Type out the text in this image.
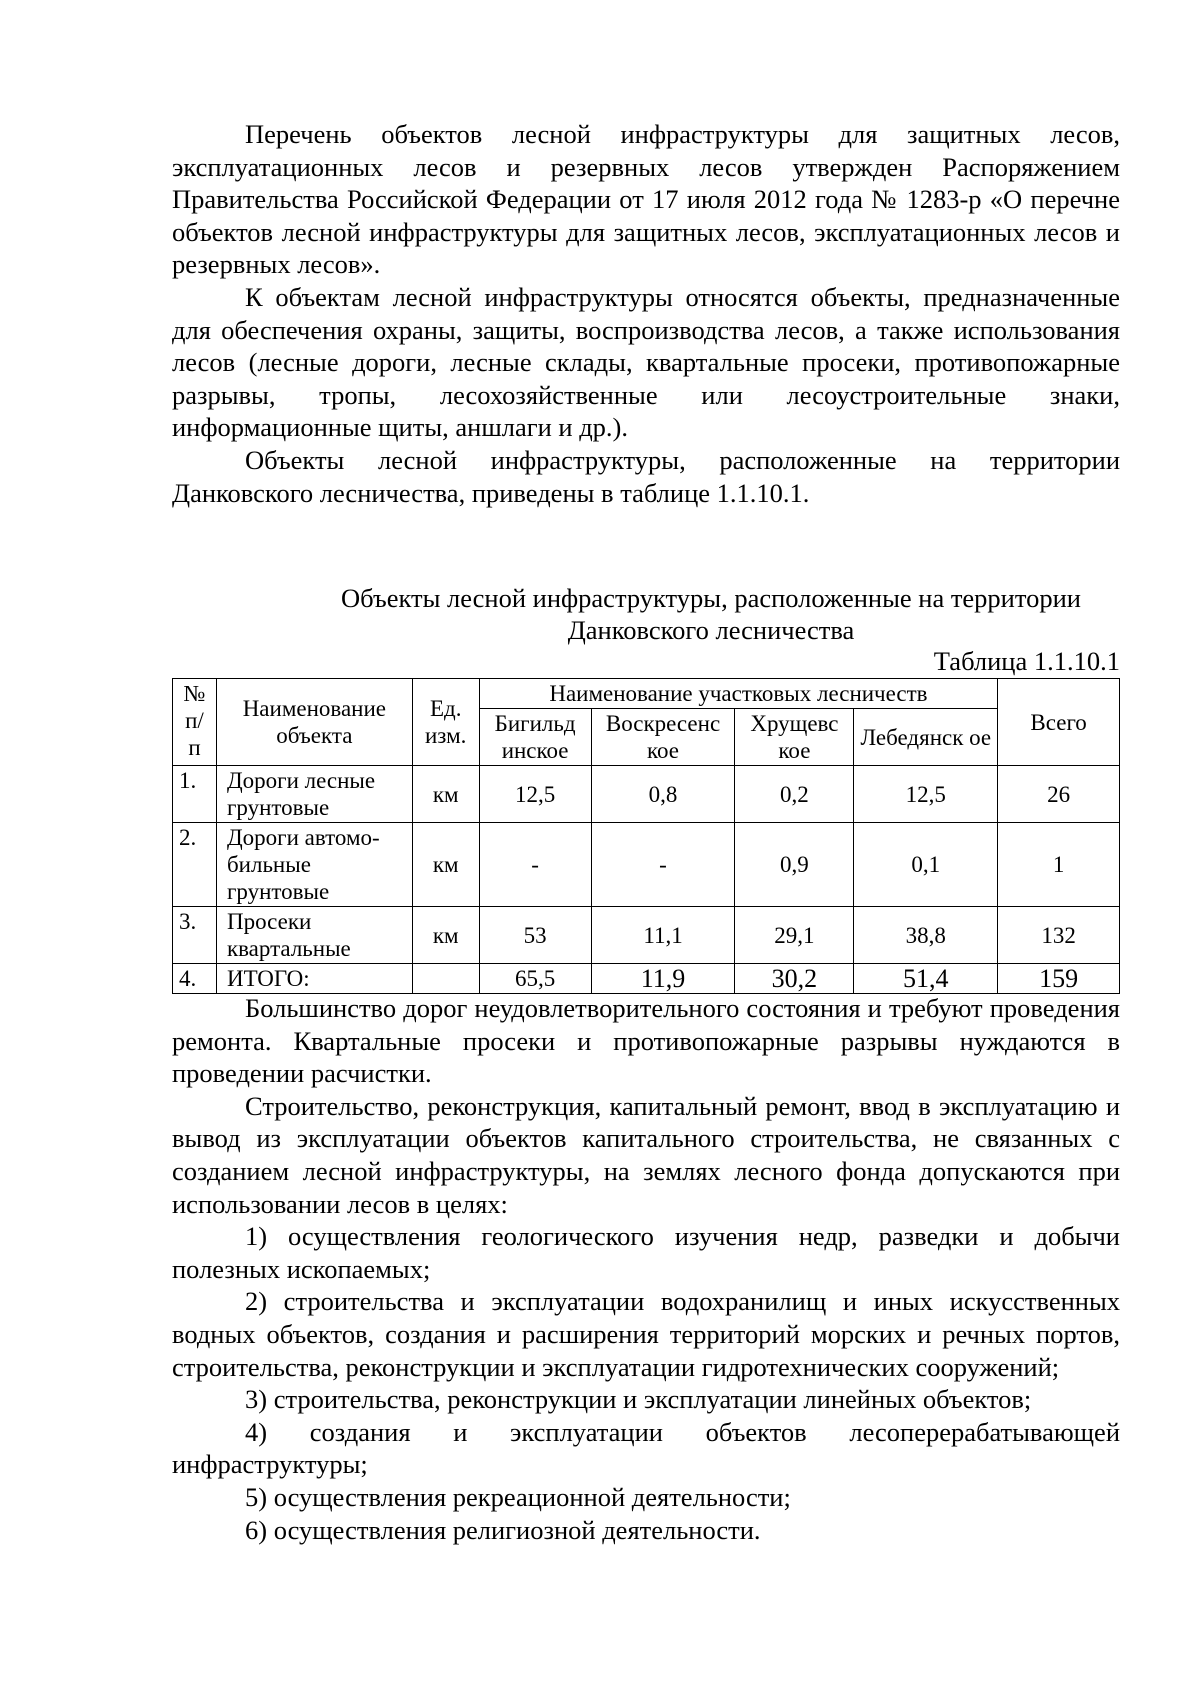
Перечень объектов лесной инфраструктуры для защитных лесов, эксплуатационных лесов и резервных лесов утвержден Распоряжением Правительства Российской Федерации от 17 июля 2012 года № 1283-р «О перечне объектов лесной инфраструктуры для защитных лесов, эксплуатационных лесов и резервных лесов».

К объектам лесной инфраструктуры относятся объекты, предназначенные для обеспечения охраны, защиты, воспроизводства лесов, а также использования лесов (лесные дороги, лесные склады, квартальные просеки, противопожарные разрывы, тропы, лесохозяйственные или лесоустроительные знаки, информационные щиты, аншлаги и др.).

Объекты лесной инфраструктуры, расположенные на территории Данковского лесничества, приведены в таблице 1.1.10.1.

Объекты лесной инфраструктуры, расположенные на территории
Данковского лесничества
Таблица 1.1.10.1
№ п/п	Наименование объекта	Ед. изм.	Наименование участковых лесничеств				Всего
			Бигильд инское	Воскресенс кое	Хрущевс кое	Лебедянск ое	
1.	Дороги лесные грунтовые	км	12,5	0,8	0,2	12,5	26
2.	Дороги автомо-бильные грунтовые	км	-	-	0,9	0,1	1
3.	Просеки квартальные	км	53	11,1	29,1	38,8	132
4.	ИТОГО:		65,5	11,9	30,2	51,4	159

Большинство дорог неудовлетворительного состояния и требуют проведения ремонта. Квартальные просеки и противопожарные разрывы нуждаются в проведении расчистки.

Строительство, реконструкция, капитальный ремонт, ввод в эксплуатацию и вывод из эксплуатации объектов капитального строительства, не связанных с созданием лесной инфраструктуры, на землях лесного фонда допускаются при использовании лесов в целях:

1) осуществления геологического изучения недр, разведки и добычи полезных ископаемых;

2) строительства и эксплуатации водохранилищ и иных искусственных водных объектов, создания и расширения территорий морских и речных портов, строительства, реконструкции и эксплуатации гидротехнических сооружений;

3) строительства, реконструкции и эксплуатации линейных объектов;

4) создания и эксплуатации объектов лесоперерабатывающей инфраструктуры;

5) осуществления рекреационной деятельности;

6) осуществления религиозной деятельности.
